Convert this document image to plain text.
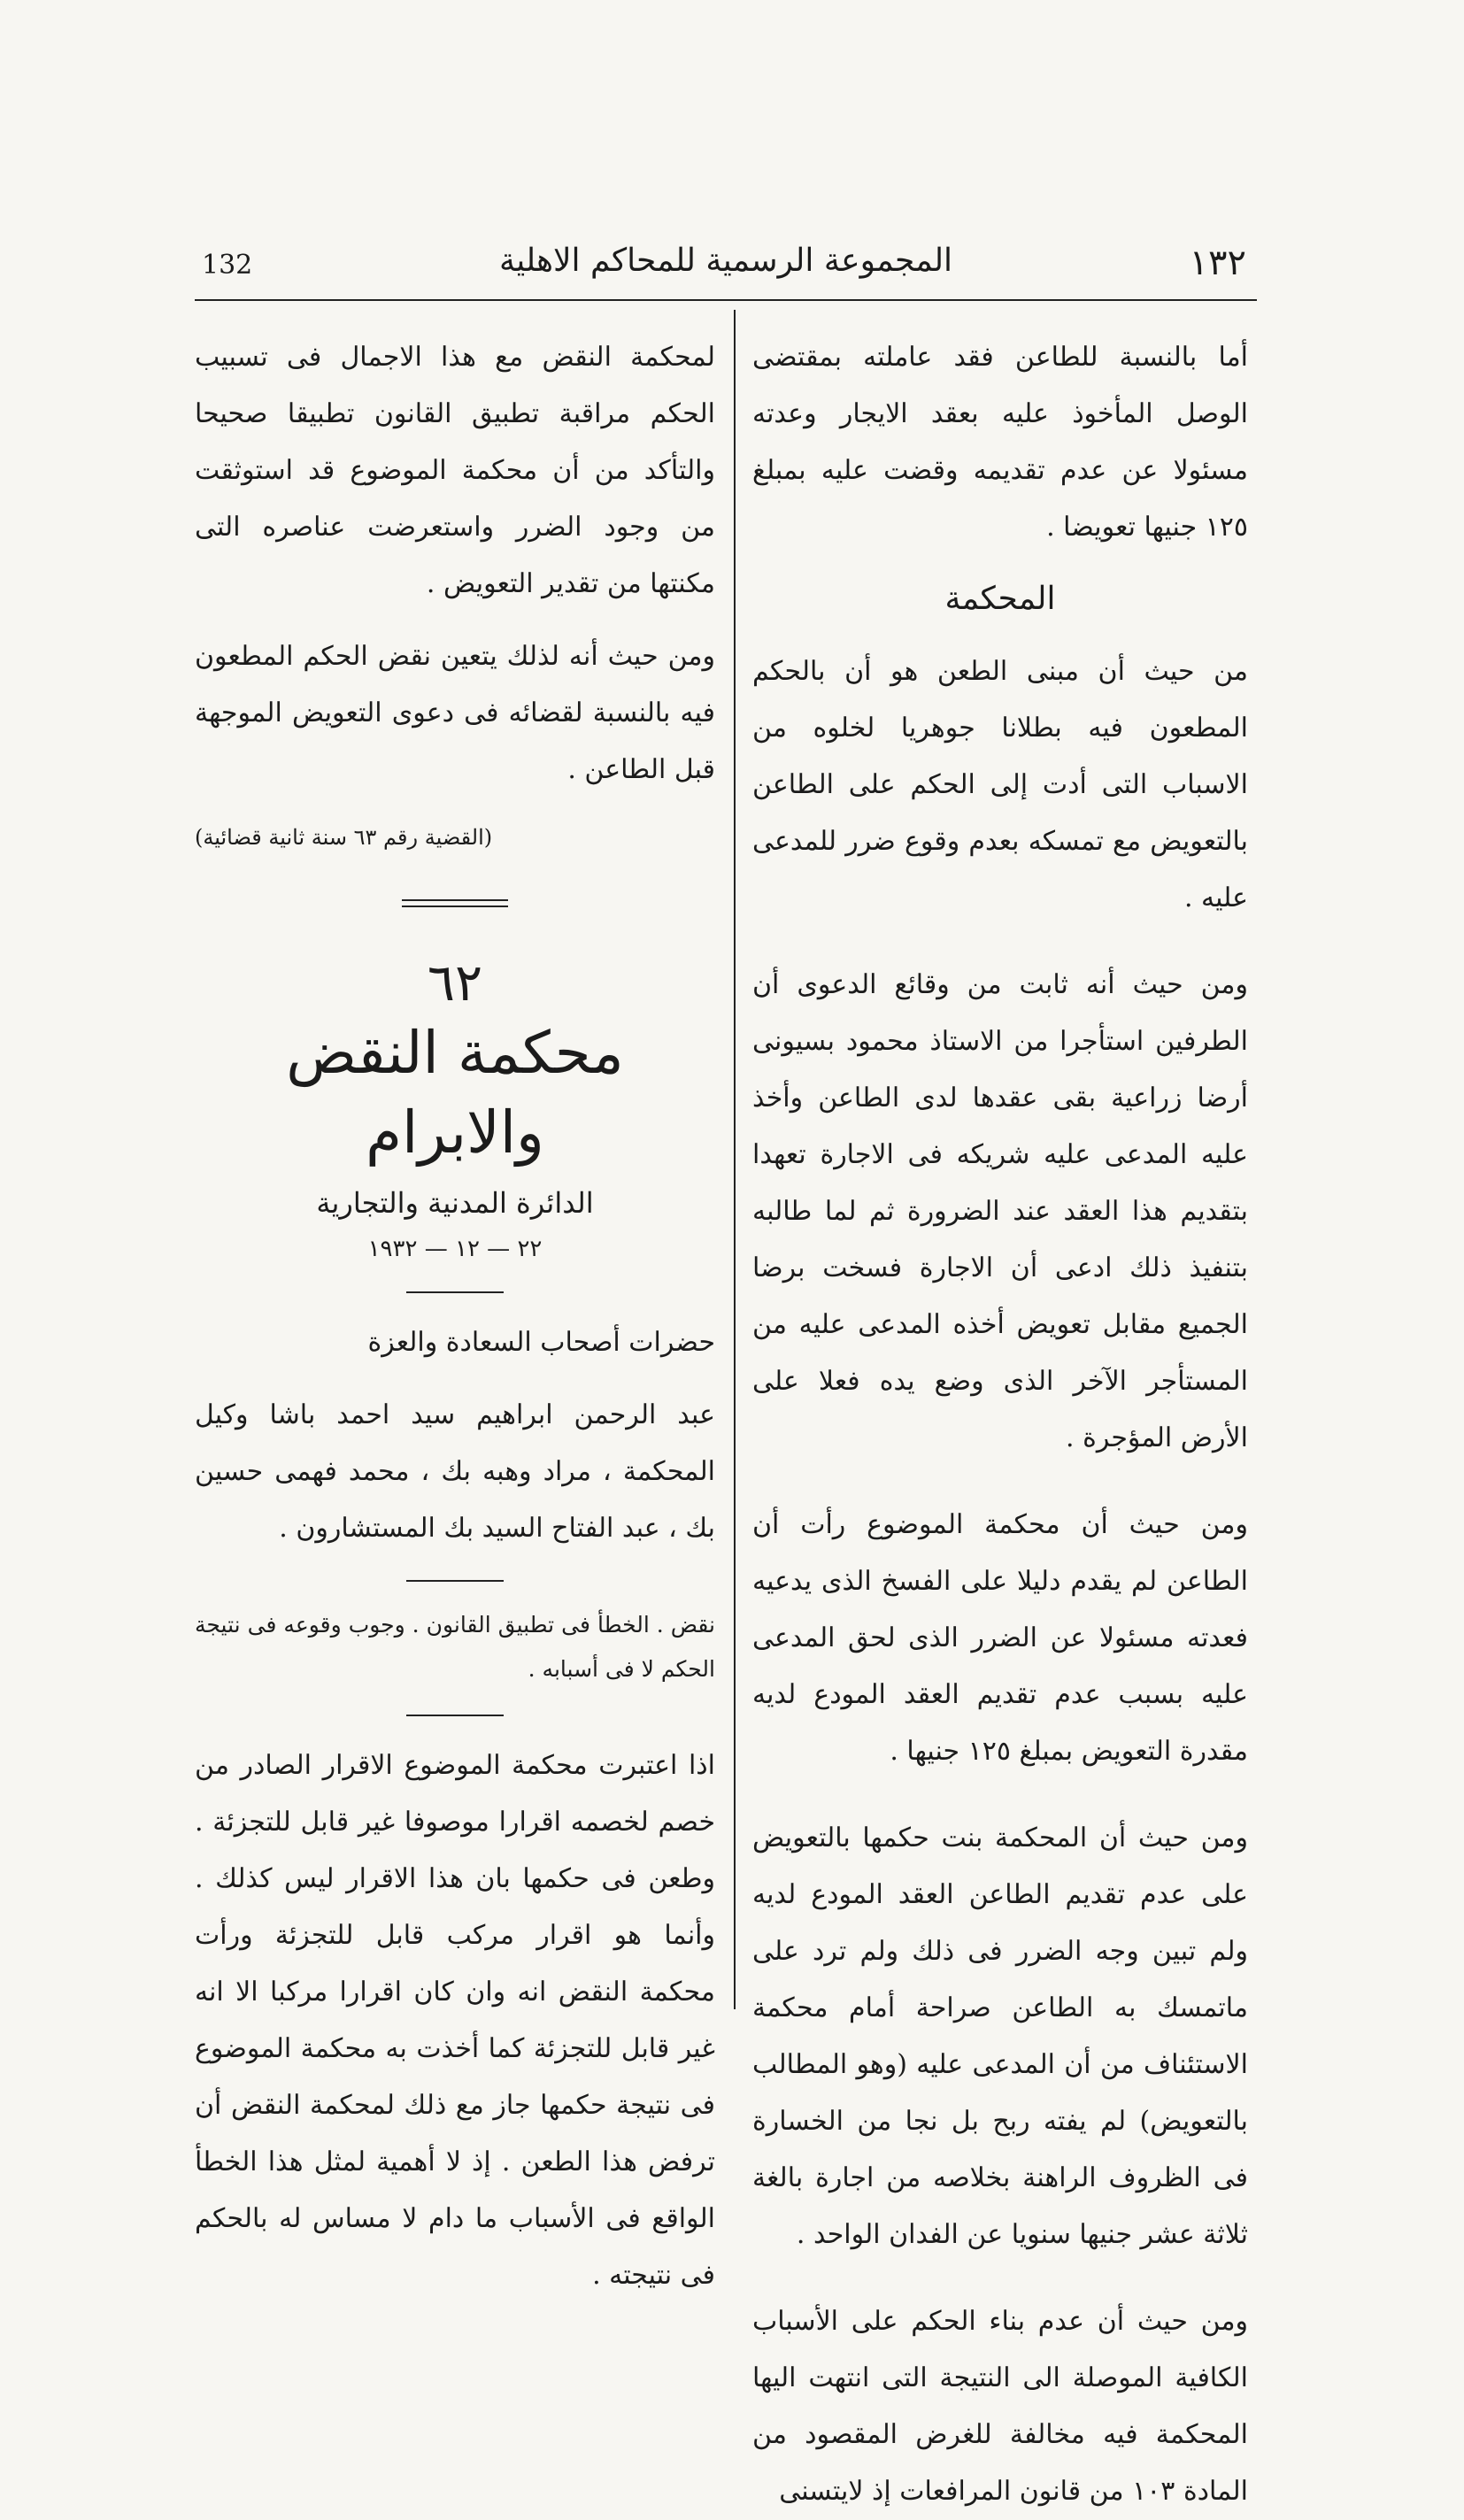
132	المجموعة الرسمية للمحاكم الاهلية	١٣٢

أما بالنسبة للطاعن فقد عاملته بمقتضى الوصل المأخوذ عليه بعقد الايجار وعدته مسئولا عن عدم تقديمه وقضت عليه بمبلغ ١٢٥ جنيها تعويضا .

المحكمة

من حيث أن مبنى الطعن هو أن بالحكم المطعون فيه بطلانا جوهريا لخلوه من الاسباب التى أدت إلى الحكم على الطاعن بالتعويض مع تمسكه بعدم وقوع ضرر للمدعى عليه .

ومن حيث أنه ثابت من وقائع الدعوى أن الطرفين استأجرا من الاستاذ محمود بسيونى أرضا زراعية بقى عقدها لدى الطاعن وأخذ عليه المدعى عليه شريكه فى الاجارة تعهدا بتقديم هذا العقد عند الضرورة ثم لما طالبه بتنفيذ ذلك ادعى أن الاجارة فسخت برضا الجميع مقابل تعويض أخذه المدعى عليه من المستأجر الآخر الذى وضع يده فعلا على الأرض المؤجرة .

ومن حيث أن محكمة الموضوع رأت أن الطاعن لم يقدم دليلا على الفسخ الذى يدعيه فعدته مسئولا عن الضرر الذى لحق المدعى عليه بسبب عدم تقديم العقد المودع لديه مقدرة التعويض بمبلغ ١٢٥ جنيها .

ومن حيث أن المحكمة بنت حكمها بالتعويض على عدم تقديم الطاعن العقد المودع لديه ولم تبين وجه الضرر فى ذلك ولم ترد على ماتمسك به الطاعن صراحة أمام محكمة الاستئناف من أن المدعى عليه (وهو المطالب بالتعويض) لم يفته ربح بل نجا من الخسارة فى الظروف الراهنة بخلاصه من اجارة بالغة ثلاثة عشر جنيها سنويا عن الفدان الواحد .

ومن حيث أن عدم بناء الحكم على الأسباب الكافية الموصلة الى النتيجة التى انتهت اليها المحكمة فيه مخالفة للغرض المقصود من المادة ١٠٣ من قانون المرافعات إذ لايتسنى

لمحكمة النقض مع هذا الاجمال فى تسبيب الحكم مراقبة تطبيق القانون تطبيقا صحيحا والتأكد من أن محكمة الموضوع قد استوثقت من وجود الضرر واستعرضت عناصره التى مكنتها من تقدير التعويض .

ومن حيث أنه لذلك يتعين نقض الحكم المطعون فيه بالنسبة لقضائه فى دعوى التعويض الموجهة قبل الطاعن .

(القضية رقم ٦٣ سنة ثانية قضائية)

٦٢

محكمة النقض والابرام

الدائرة المدنية والتجارية

٢٢ — ١٢ — ١٩٣٢

حضرات أصحاب السعادة والعزة

عبد الرحمن ابراهيم سيد احمد باشا وكيل المحكمة ، مراد وهبه بك ، محمد فهمى حسين بك ، عبد الفتاح السيد بك المستشارون .

نقض . الخطأ فى تطبيق القانون . وجوب وقوعه فى نتيجة الحكم لا فى أسبابه .

اذا اعتبرت محكمة الموضوع الاقرار الصادر من خصم لخصمه اقرارا موصوفا غير قابل للتجزئة . وطعن فى حكمها بان هذا الاقرار ليس كذلك . وأنما هو اقرار مركب قابل للتجزئة ورأت محكمة النقض انه وان كان اقرارا مركبا الا انه غير قابل للتجزئة كما أخذت به محكمة الموضوع فى نتيجة حكمها جاز مع ذلك لمحكمة النقض أن ترفض هذا الطعن . إذ لا أهمية لمثل هذا الخطأ الواقع فى الأسباب ما دام لا مساس له بالحكم فى نتيجته .
